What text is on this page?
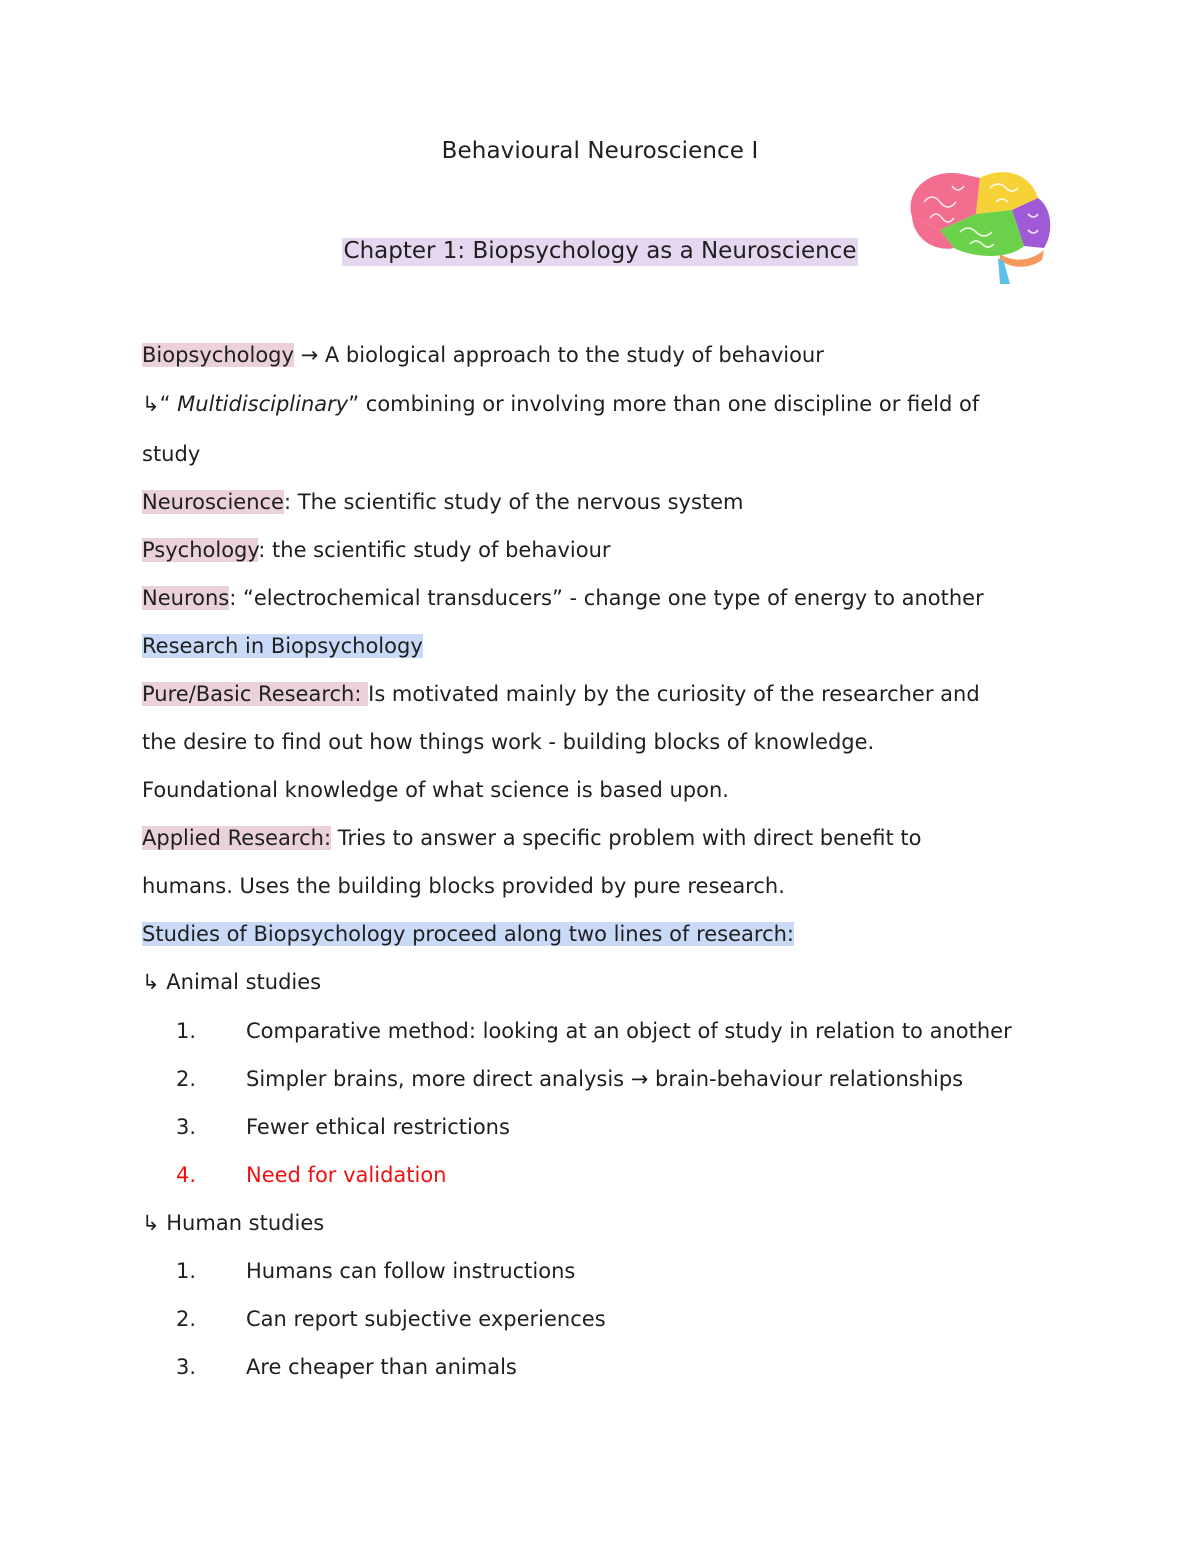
Behavioural Neuroscience I
Chapter 1: Biopsychology as a Neuroscience
Biopsychology → A biological approach to the study of behaviour
↳“ Multidisciplinary” combining or involving more than one discipline or field of
study
Neuroscience: The scientific study of the nervous system
Psychology: the scientific study of behaviour
Neurons: “electrochemical transducers” - change one type of energy to another
Research in Biopsychology
Pure/Basic Research: Is motivated mainly by the curiosity of the researcher and
the desire to find out how things work - building blocks of knowledge.
Foundational knowledge of what science is based upon.
Applied Research: Tries to answer a specific problem with direct benefit to
humans. Uses the building blocks provided by pure research.
Studies of Biopsychology proceed along two lines of research:
↳ Animal studies
1. Comparative method: looking at an object of study in relation to another
2. Simpler brains, more direct analysis → brain-behaviour relationships
3. Fewer ethical restrictions
4. Need for validation
↳ Human studies
1. Humans can follow instructions
2. Can report subjective experiences
3. Are cheaper than animals
